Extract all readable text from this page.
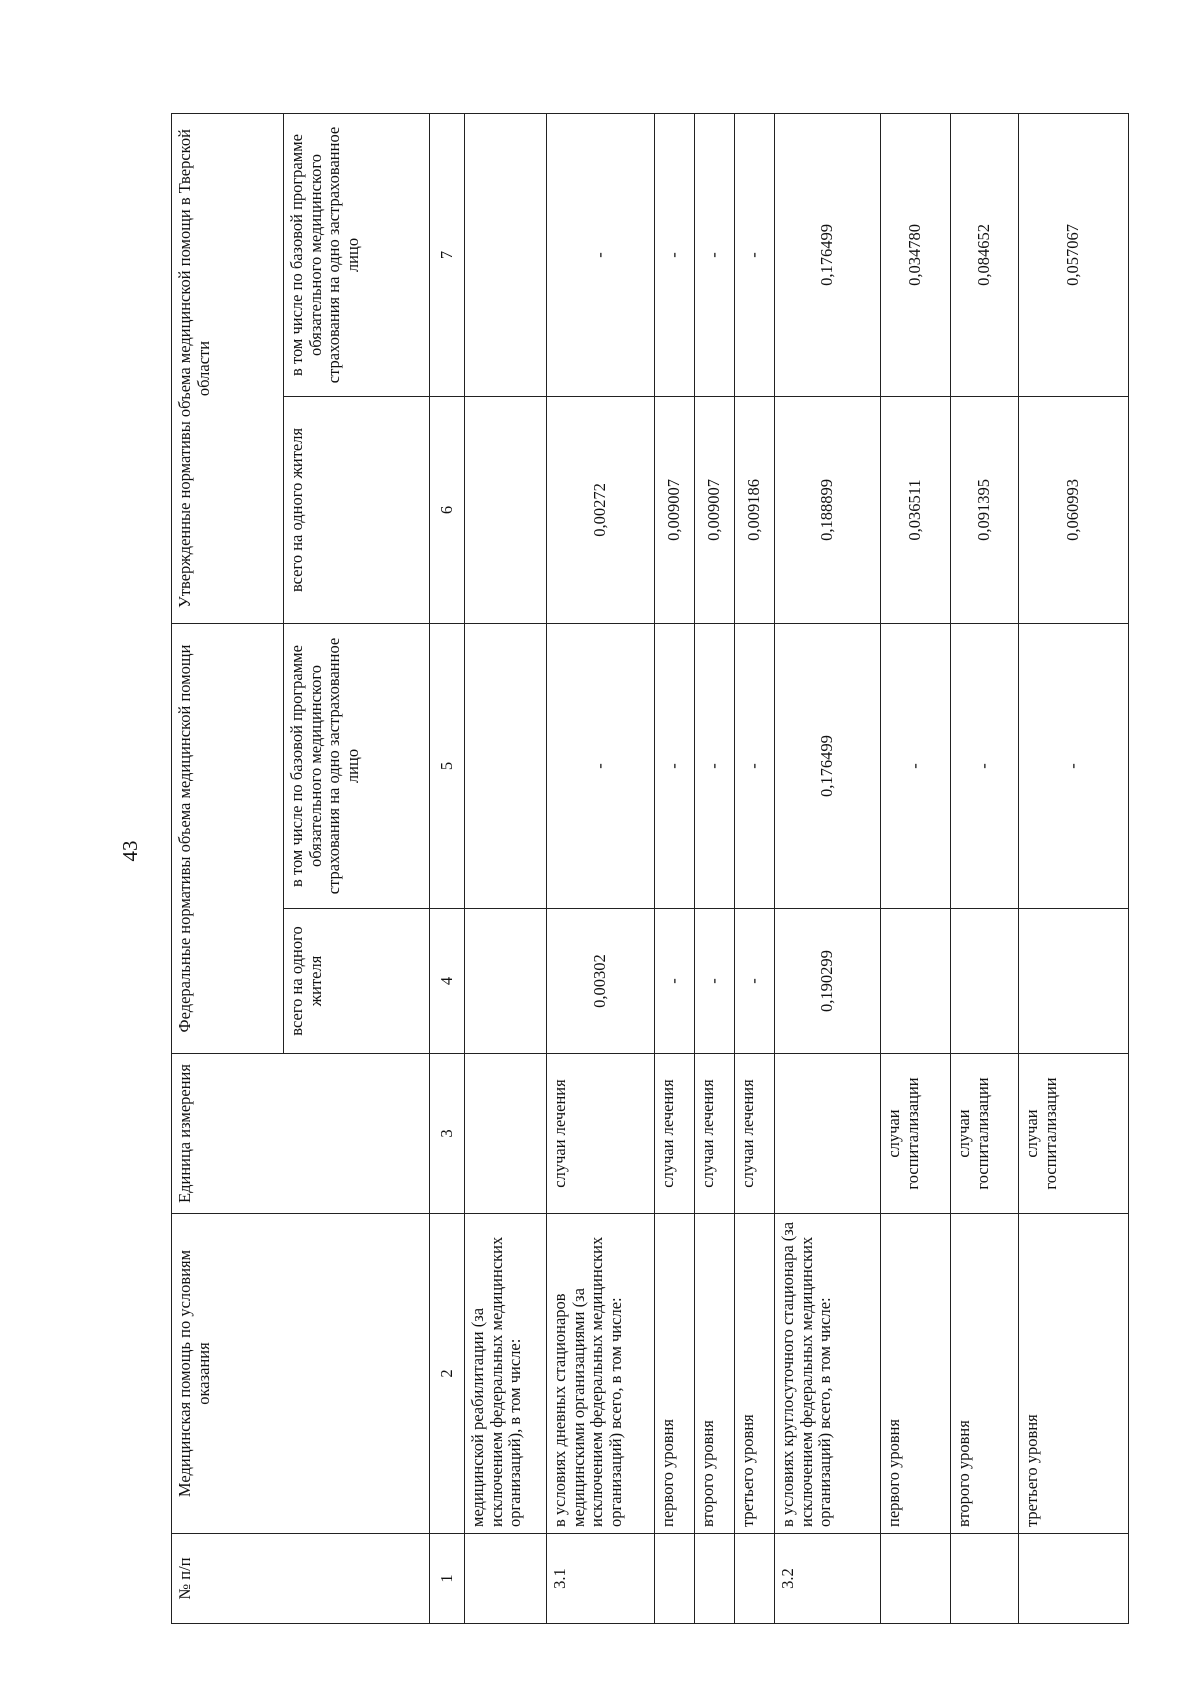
43
№ п/п	Медицинская помощь по условиям оказания	Единица измерения	Федеральные нормативы объема медицинской помощи		Утвержденные нормативы объема медицинской помощи в Тверской области	
			всего на одного жителя	в том числе по базовой программе обязательного медицинского страхования на одно застрахованное лицо	всего на одного жителя	в том числе по базовой программе обязательного медицинского страхования на одно застрахованное лицо
1	2	3	4	5	6	7
	медицинской реабилитации (за исключением федеральных медицинских организаций), в том числе:					
3.1	в условиях дневных стационаров медицинскими организациями (за исключением федеральных медицинских организаций) всего, в том числе:	случаи лечения	0,00302	-	0,00272	-
	первого уровня	случаи лечения	-	-	0,009007	-
	второго уровня	случаи лечения	-	-	0,009007	-
	третьего уровня	случаи лечения	-	-	0,009186	-
3.2	в условиях круглосуточного стационара (за исключением федеральных медицинских организаций) всего, в том числе:		0,190299	0,176499	0,188899	0,176499
	первого уровня	случаи госпитализации		-	0,036511	0,034780
	второго уровня	случаи госпитализации		-	0,091395	0,084652
	третьего уровня	случаи госпитализации		-	0,060993	0,057067
